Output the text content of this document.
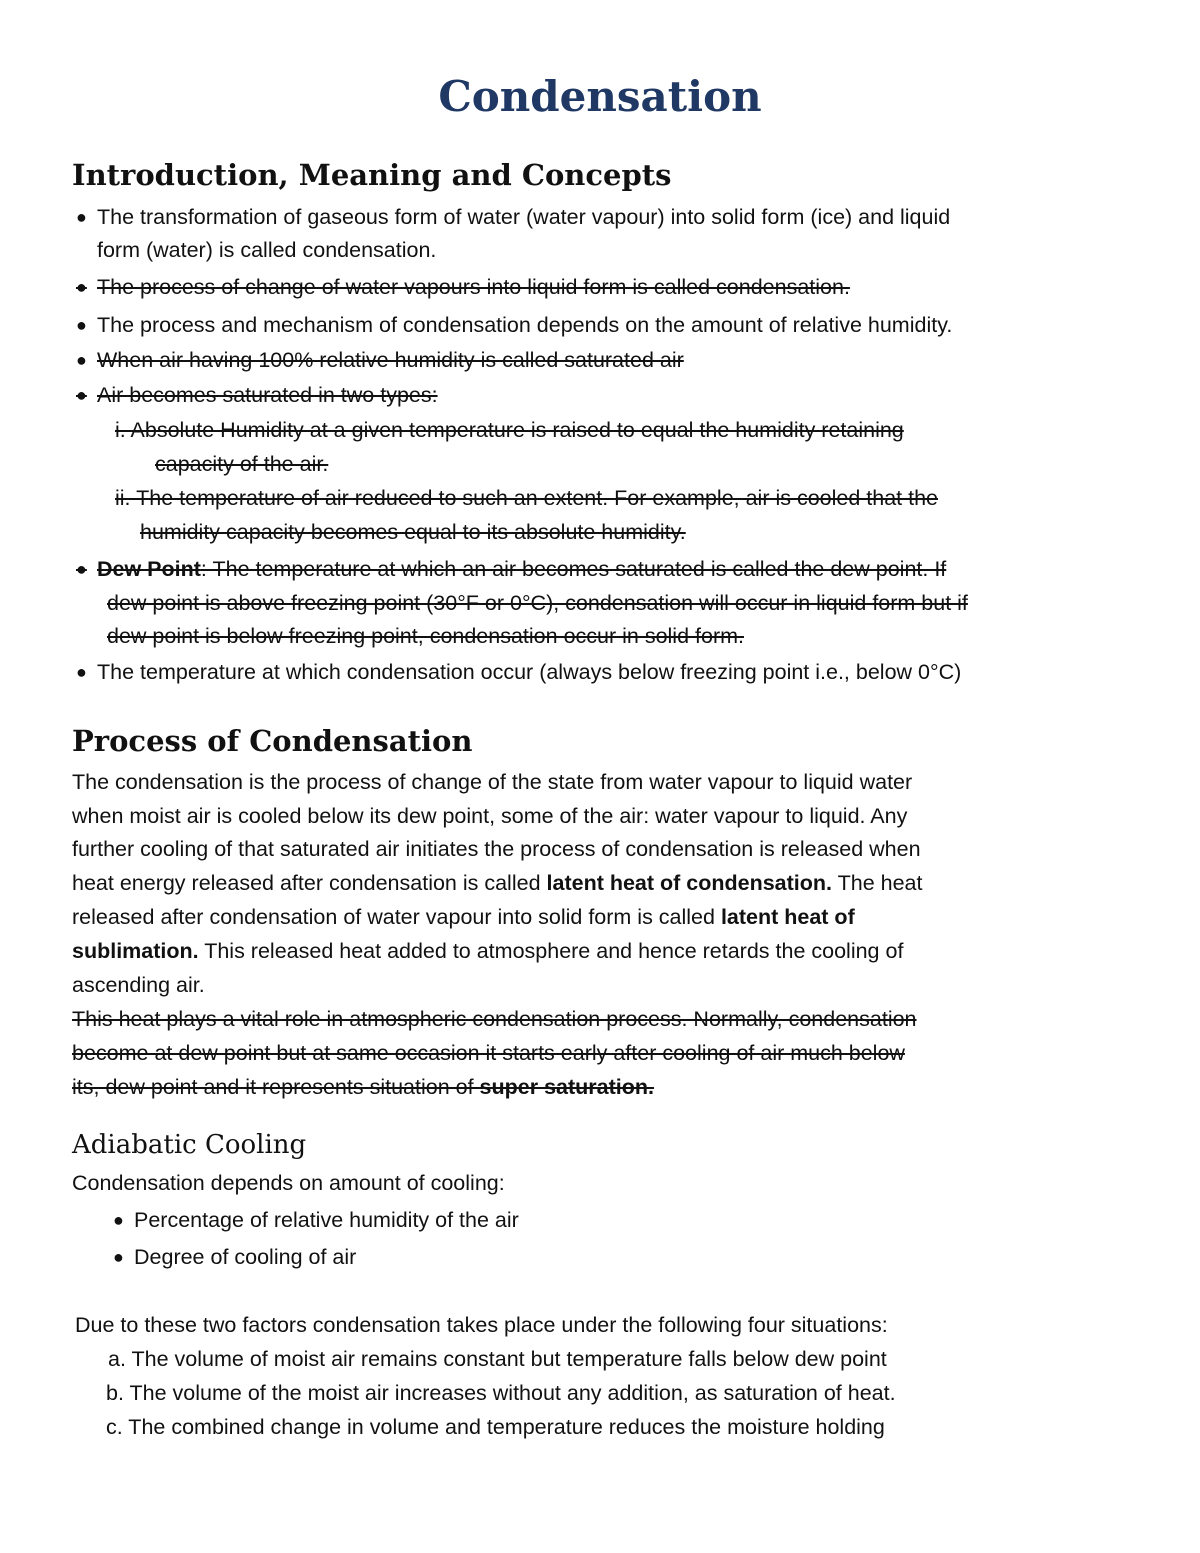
Condensation
Introduction, Meaning and Concepts
● The transformation of gaseous form of water (water vapour) into solid form (ice) and liquid

form (water) is called condensation.

● The process of change of water vapours into liquid form is called condensation.

● The process and mechanism of condensation depends on the amount of relative humidity.

● When air having 100% relative humidity is called saturated air

● Air becomes saturated in two types:

i. Absolute Humidity at a given temperature is raised to equal the humidity retaining

capacity of the air.

ii. The temperature of air reduced to such an extent. For example, air is cooled that the

humidity capacity becomes equal to its absolute humidity.

● Dew Point: The temperature at which an air becomes saturated is called the dew point. If

dew point is above freezing point (30°F or 0°C), condensation will occur in liquid form but if

dew point is below freezing point, condensation occur in solid form.

● The temperature at which condensation occur (always below freezing point i.e., below 0°C)

Process of Condensation

The condensation is the process of change of the state from water vapour to liquid water

when moist air is cooled below its dew point, some of the air: water vapour to liquid. Any

further cooling of that saturated air initiates the process of condensation is released when

heat energy released after condensation is called latent heat of condensation. The heat

released after condensation of water vapour into solid form is called latent heat of

sublimation. This released heat added to atmosphere and hence retards the cooling of

ascending air.

This heat plays a vital role in atmospheric condensation process. Normally, condensation

become at dew point but at same occasion it starts early after cooling of air much below

its, dew point and it represents situation of super saturation.

Adiabatic Cooling

Condensation depends on amount of cooling:

● Percentage of relative humidity of the air

● Degree of cooling of air

Due to these two factors condensation takes place under the following four situations:

a. The volume of moist air remains constant but temperature falls below dew point

b. The volume of the moist air increases without any addition, as saturation of heat.

c. The combined change in volume and temperature reduces the moisture holding
